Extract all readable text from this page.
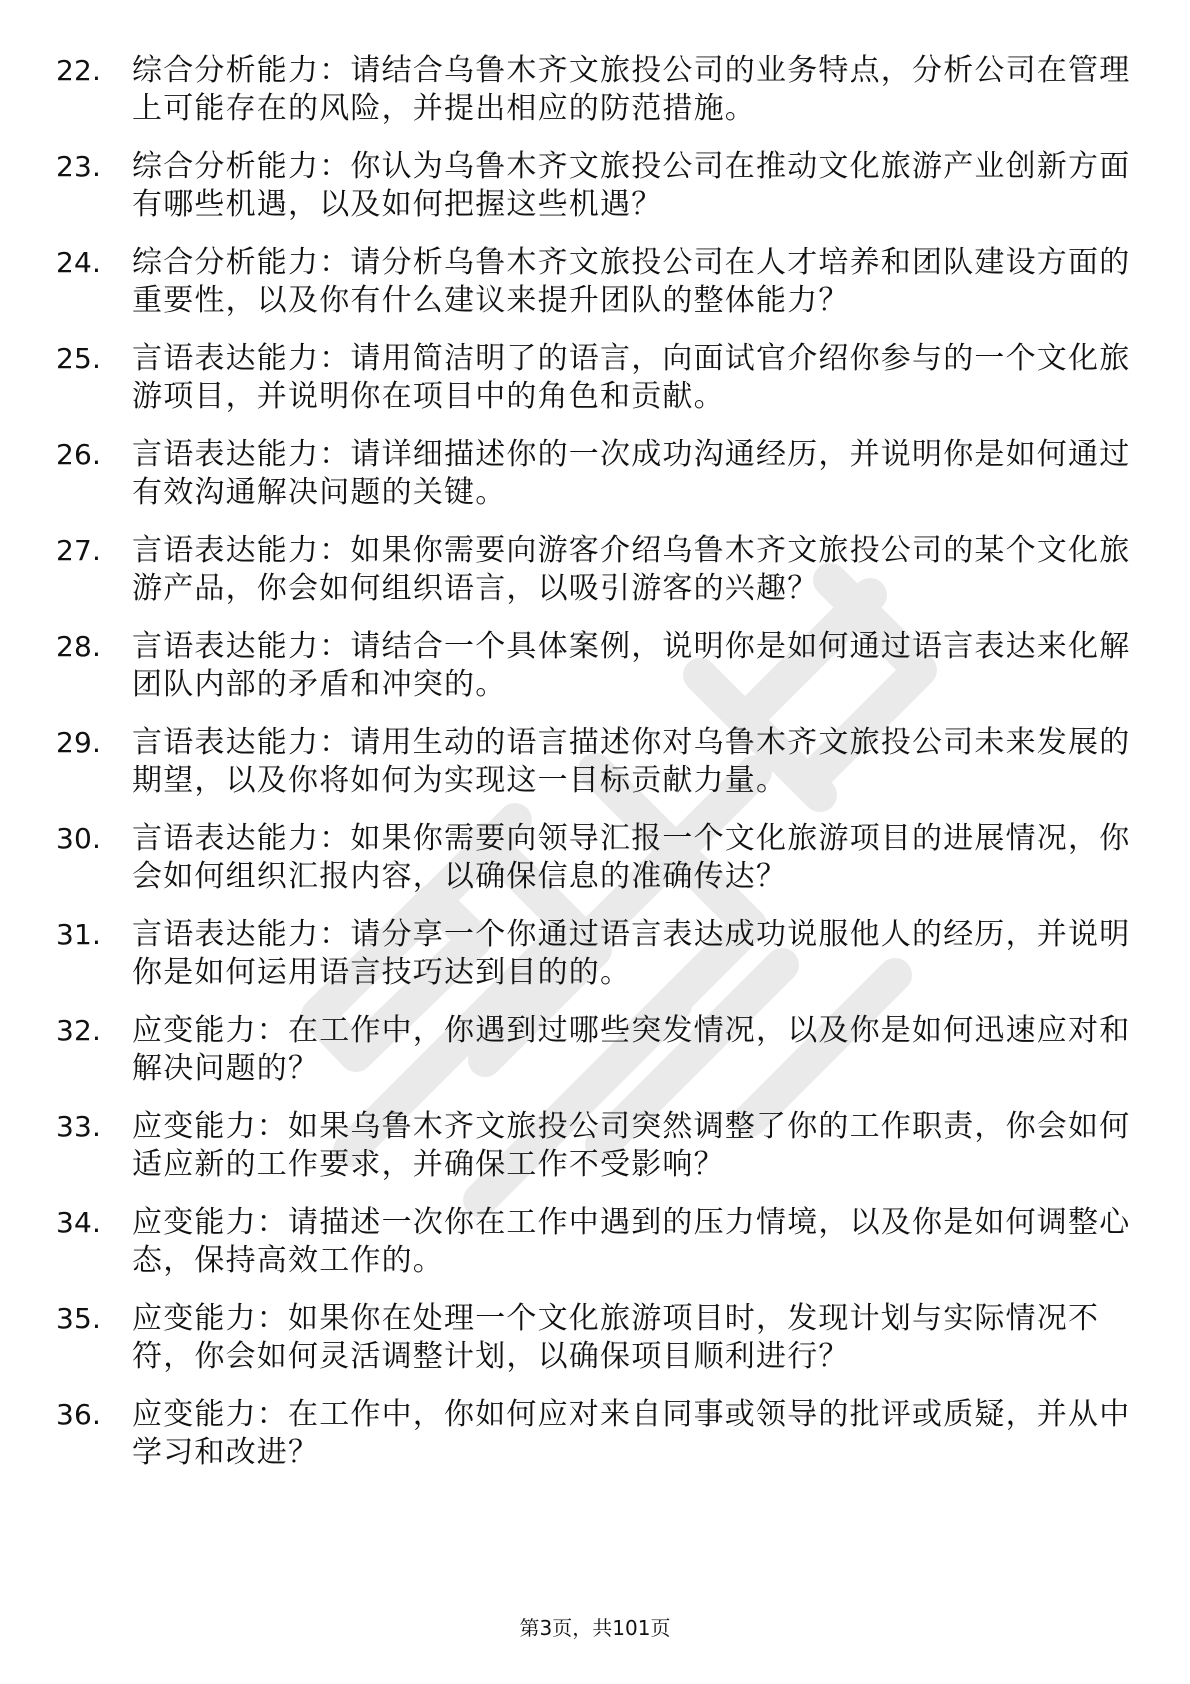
22.	综合分析能力：请结合乌鲁木齐文旅投公司的业务特点，分析公司在管理上可能存在的风险，并提出相应的防范措施。
23.	综合分析能力：你认为乌鲁木齐文旅投公司在推动文化旅游产业创新方面有哪些机遇，以及如何把握这些机遇？
24.	综合分析能力：请分析乌鲁木齐文旅投公司在人才培养和团队建设方面的重要性，以及你有什么建议来提升团队的整体能力？
25.	言语表达能力：请用简洁明了的语言，向面试官介绍你参与的一个文化旅游项目，并说明你在项目中的角色和贡献。
26.	言语表达能力：请详细描述你的一次成功沟通经历，并说明你是如何通过有效沟通解决问题的关键。
27.	言语表达能力：如果你需要向游客介绍乌鲁木齐文旅投公司的某个文化旅游产品，你会如何组织语言，以吸引游客的兴趣？
28.	言语表达能力：请结合一个具体案例，说明你是如何通过语言表达来化解团队内部的矛盾和冲突的。
29.	言语表达能力：请用生动的语言描述你对乌鲁木齐文旅投公司未来发展的期望，以及你将如何为实现这一目标贡献力量。
30.	言语表达能力：如果你需要向领导汇报一个文化旅游项目的进展情况，你会如何组织汇报内容，以确保信息的准确传达？
31.	言语表达能力：请分享一个你通过语言表达成功说服他人的经历，并说明你是如何运用语言技巧达到目的的。
32.	应变能力：在工作中，你遇到过哪些突发情况，以及你是如何迅速应对和解决问题的？
33.	应变能力：如果乌鲁木齐文旅投公司突然调整了你的工作职责，你会如何适应新的工作要求，并确保工作不受影响？
34.	应变能力：请描述一次你在工作中遇到的压力情境，以及你是如何调整心态，保持高效工作的。
35.	应变能力：如果你在处理一个文化旅游项目时，发现计划与实际情况不符，你会如何灵活调整计划，以确保项目顺利进行？
36.	应变能力：在工作中，你如何应对来自同事或领导的批评或质疑，并从中学习和改进？
第3页，共101页
